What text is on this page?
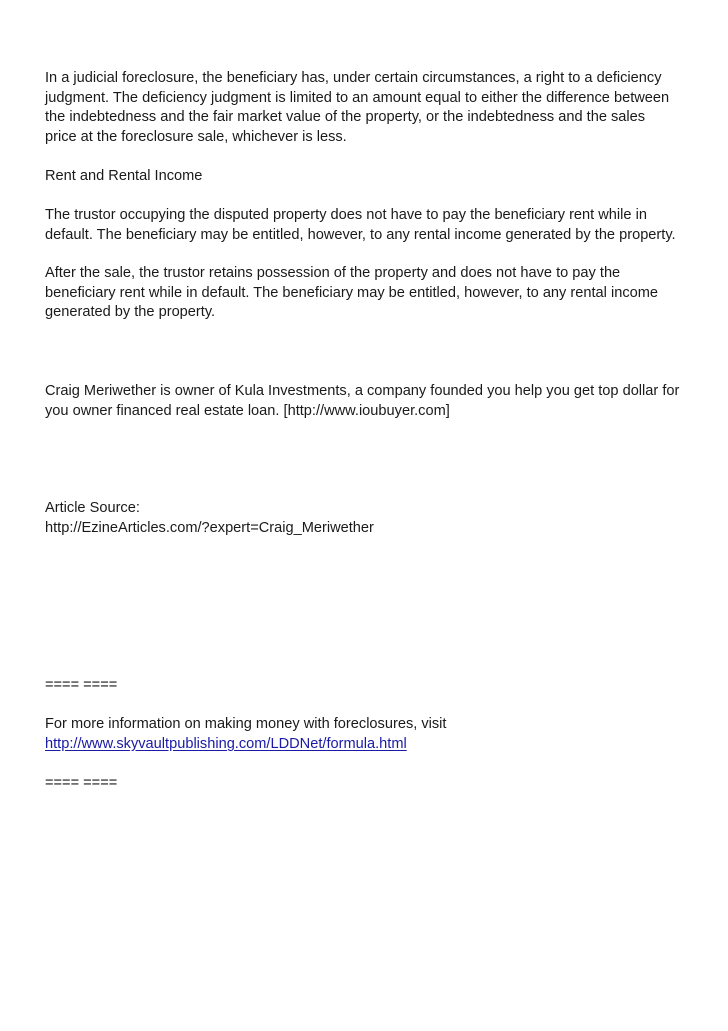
In a judicial foreclosure, the beneficiary has, under certain circumstances, a right to a deficiency
judgment. The deficiency judgment is limited to an amount equal to either the difference between
the indebtedness and the fair market value of the property, or the indebtedness and the sales
price at the foreclosure sale, whichever is less.

Rent and Rental Income

The trustor occupying the disputed property does not have to pay the beneficiary rent while in
default. The beneficiary may be entitled, however, to any rental income generated by the property.

After the sale, the trustor retains possession of the property and does not have to pay the
beneficiary rent while in default. The beneficiary may be entitled, however, to any rental income
generated by the property.

Craig Meriwether is owner of Kula Investments, a company founded you help you get top dollar for
you owner financed real estate loan. [http://www.ioubuyer.com]

Article Source:

http://EzineArticles.com/?expert=Craig_Meriwether

==== ====

For more information on making money with foreclosures, visit

http://www.skyvaultpublishing.com/LDDNet/formula.html

==== ====
